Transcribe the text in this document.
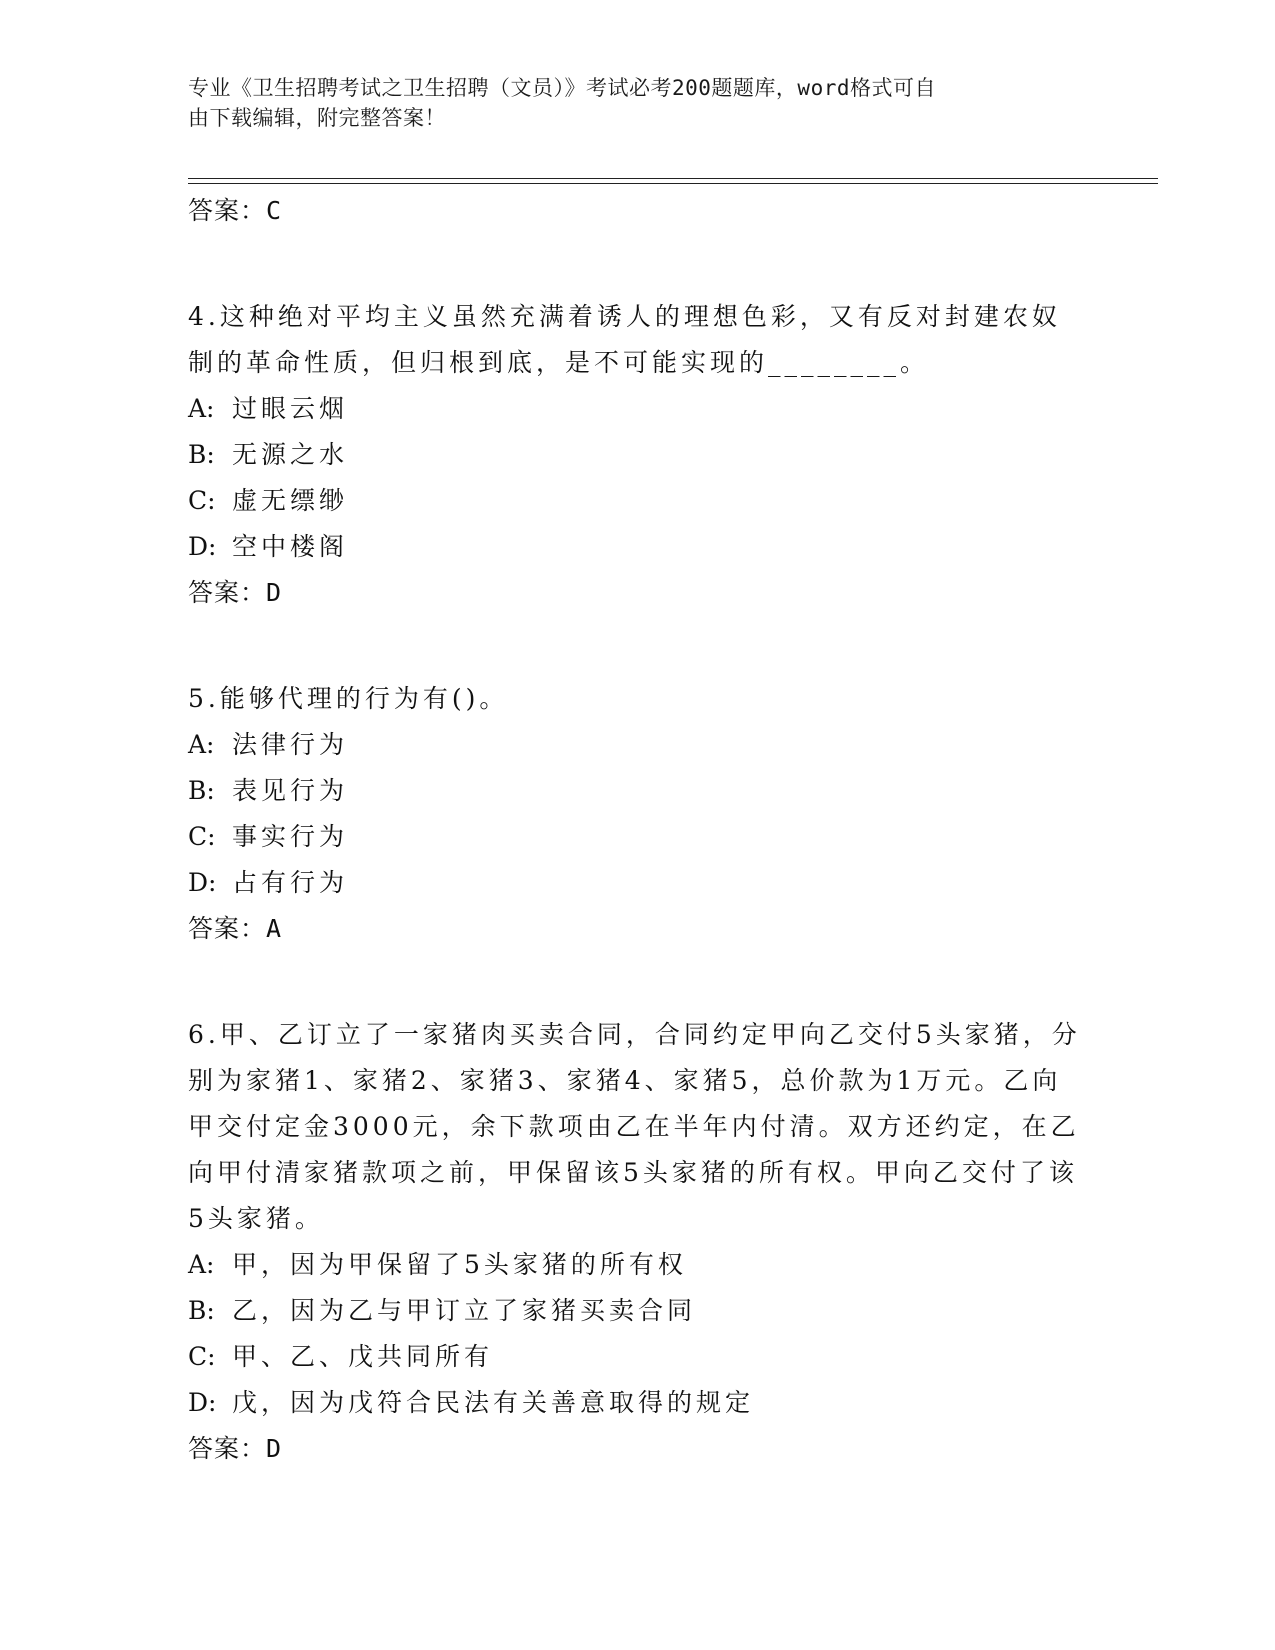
专业《卫生招聘考试之卫生招聘（文员）》考试必考200题题库，word格式可自
由下载编辑，附完整答案！
答案：C

4.这种绝对平均主义虽然充满着诱人的理想色彩，又有反对封建农奴制的革命性质，但归根到底，是不可能实现的________。

A: 过眼云烟

B: 无源之水

C: 虚无缥缈

D: 空中楼阁

答案：D

5.能够代理的行为有()。

A: 法律行为

B: 表见行为

C: 事实行为

D: 占有行为

答案：A

6.甲、乙订立了一家猪肉买卖合同，合同约定甲向乙交付5头家猪，分别为家猪1、家猪2、家猪3、家猪4、家猪5，总价款为1万元。乙向甲交付定金3000元，余下款项由乙在半年内付清。双方还约定，在乙向甲付清家猪款项之前，甲保留该5头家猪的所有权。甲向乙交付了该5头家猪。

A: 甲，因为甲保留了5头家猪的所有权

B: 乙，因为乙与甲订立了家猪买卖合同

C: 甲、乙、戊共同所有

D: 戊，因为戊符合民法有关善意取得的规定

答案：D
